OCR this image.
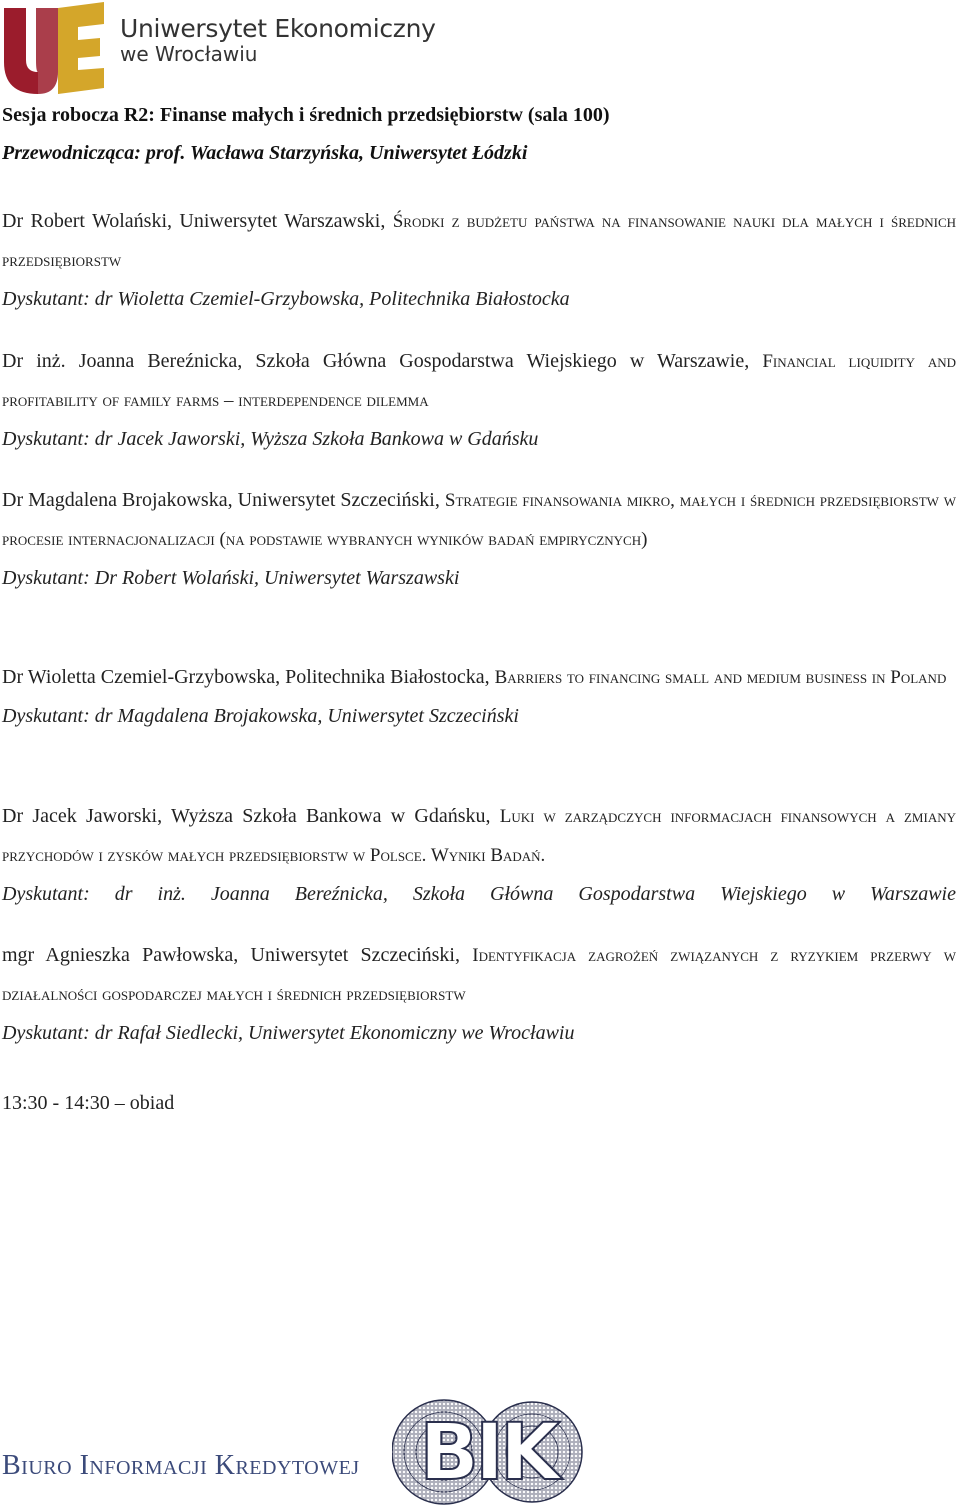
Uniwersytet Ekonomiczny
we Wrocławiu
Sesja robocza R2: Finanse małych i średnich przedsiębiorstw (sala 100)
Przewodnicząca: prof. Wacława Starzyńska, Uniwersytet Łódzki
Dr Robert Wolański, Uniwersytet Warszawski, Środki z budżetu państwa na finansowanie nauki dla małych i średnich przedsiębiorstw
Dyskutant: dr Wioletta Czemiel-Grzybowska, Politechnika Białostocka
Dr inż. Joanna Bereźnicka, Szkoła Główna Gospodarstwa Wiejskiego w Warszawie, Financial liquidity and profitability of family farms – interdependence dilemma
Dyskutant: dr Jacek Jaworski, Wyższa Szkoła Bankowa w Gdańsku
Dr Magdalena Brojakowska, Uniwersytet Szczeciński, Strategie finansowania mikro, małych i średnich przedsiębiorstw w procesie internacjonalizacji (na podstawie wybranych wyników badań empirycznych)
Dyskutant: Dr Robert Wolański, Uniwersytet Warszawski
Dr Wioletta Czemiel-Grzybowska, Politechnika Białostocka, Barriers to financing small and medium business in Poland
Dyskutant: dr Magdalena Brojakowska, Uniwersytet Szczeciński
Dr Jacek Jaworski, Wyższa Szkoła Bankowa w Gdańsku, Luki w zarządczych informacjach finansowych a zmiany przychodów i zysków małych przedsiębiorstw w Polsce. Wyniki Badań.
Dyskutant: dr inż. Joanna Bereźnicka, Szkoła Główna Gospodarstwa Wiejskiego w Warszawie
mgr Agnieszka Pawłowska, Uniwersytet Szczeciński, Identyfikacja zagrożeń związanych z ryzykiem przerwy w działalności gospodarczej małych i średnich przedsiębiorstw
Dyskutant: dr Rafał Siedlecki, Uniwersytet Ekonomiczny we Wrocławiu
13:30 - 14:30 – obiad
Biuro Informacji Kredytowej BIK
